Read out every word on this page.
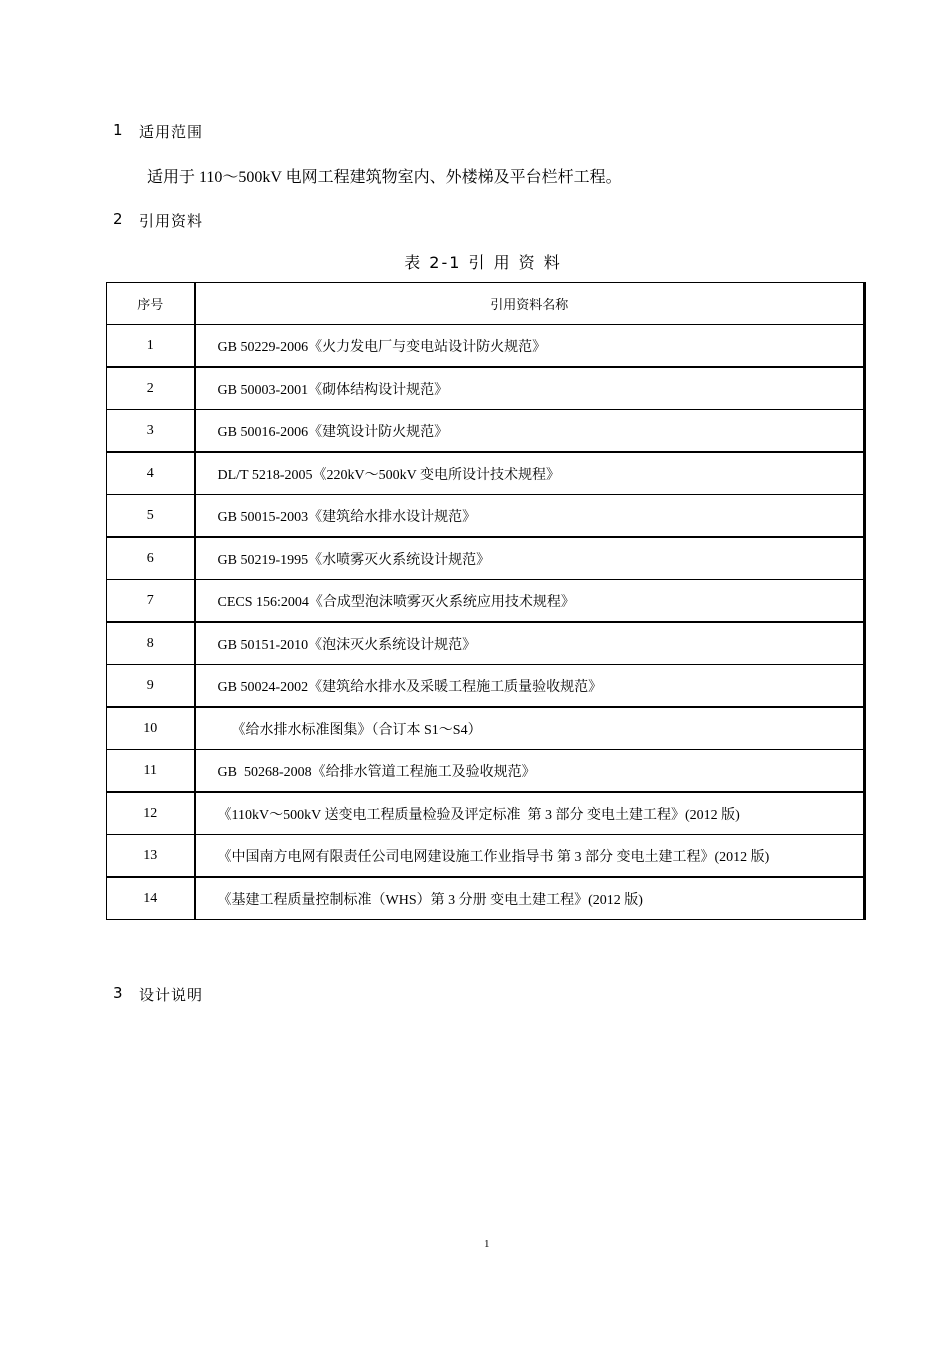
1 适用范围
适用于 110～500kV 电网工程建筑物室内、外楼梯及平台栏杆工程。
2 引用资料
表 2-1 引 用 资 料
序号	引用资料名称
1	GB 50229-2006《火力发电厂与变电站设计防火规范》
2	GB 50003-2001《砌体结构设计规范》
3	GB 50016-2006《建筑设计防火规范》
4	DL/T 5218-2005《220kV～500kV 变电所设计技术规程》
5	GB 50015-2003《建筑给水排水设计规范》
6	GB 50219-1995《水喷雾灭火系统设计规范》
7	CECS 156:2004《合成型泡沫喷雾灭火系统应用技术规程》
8	GB 50151-2010《泡沫灭火系统设计规范》
9	GB 50024-2002《建筑给水排水及采暖工程施工质量验收规范》
10	《给水排水标准图集》（合订本 S1～S4）
11	GB  50268-2008《给排水管道工程施工及验收规范》
12	《110kV～500kV 送变电工程质量检验及评定标准  第 3 部分 变电土建工程》(2012 版)
13	《中国南方电网有限责任公司电网建设施工作业指导书 第 3 部分 变电土建工程》(2012 版)
14	《基建工程质量控制标准（WHS）第 3 分册 变电土建工程》(2012 版)
3 设计说明
1
